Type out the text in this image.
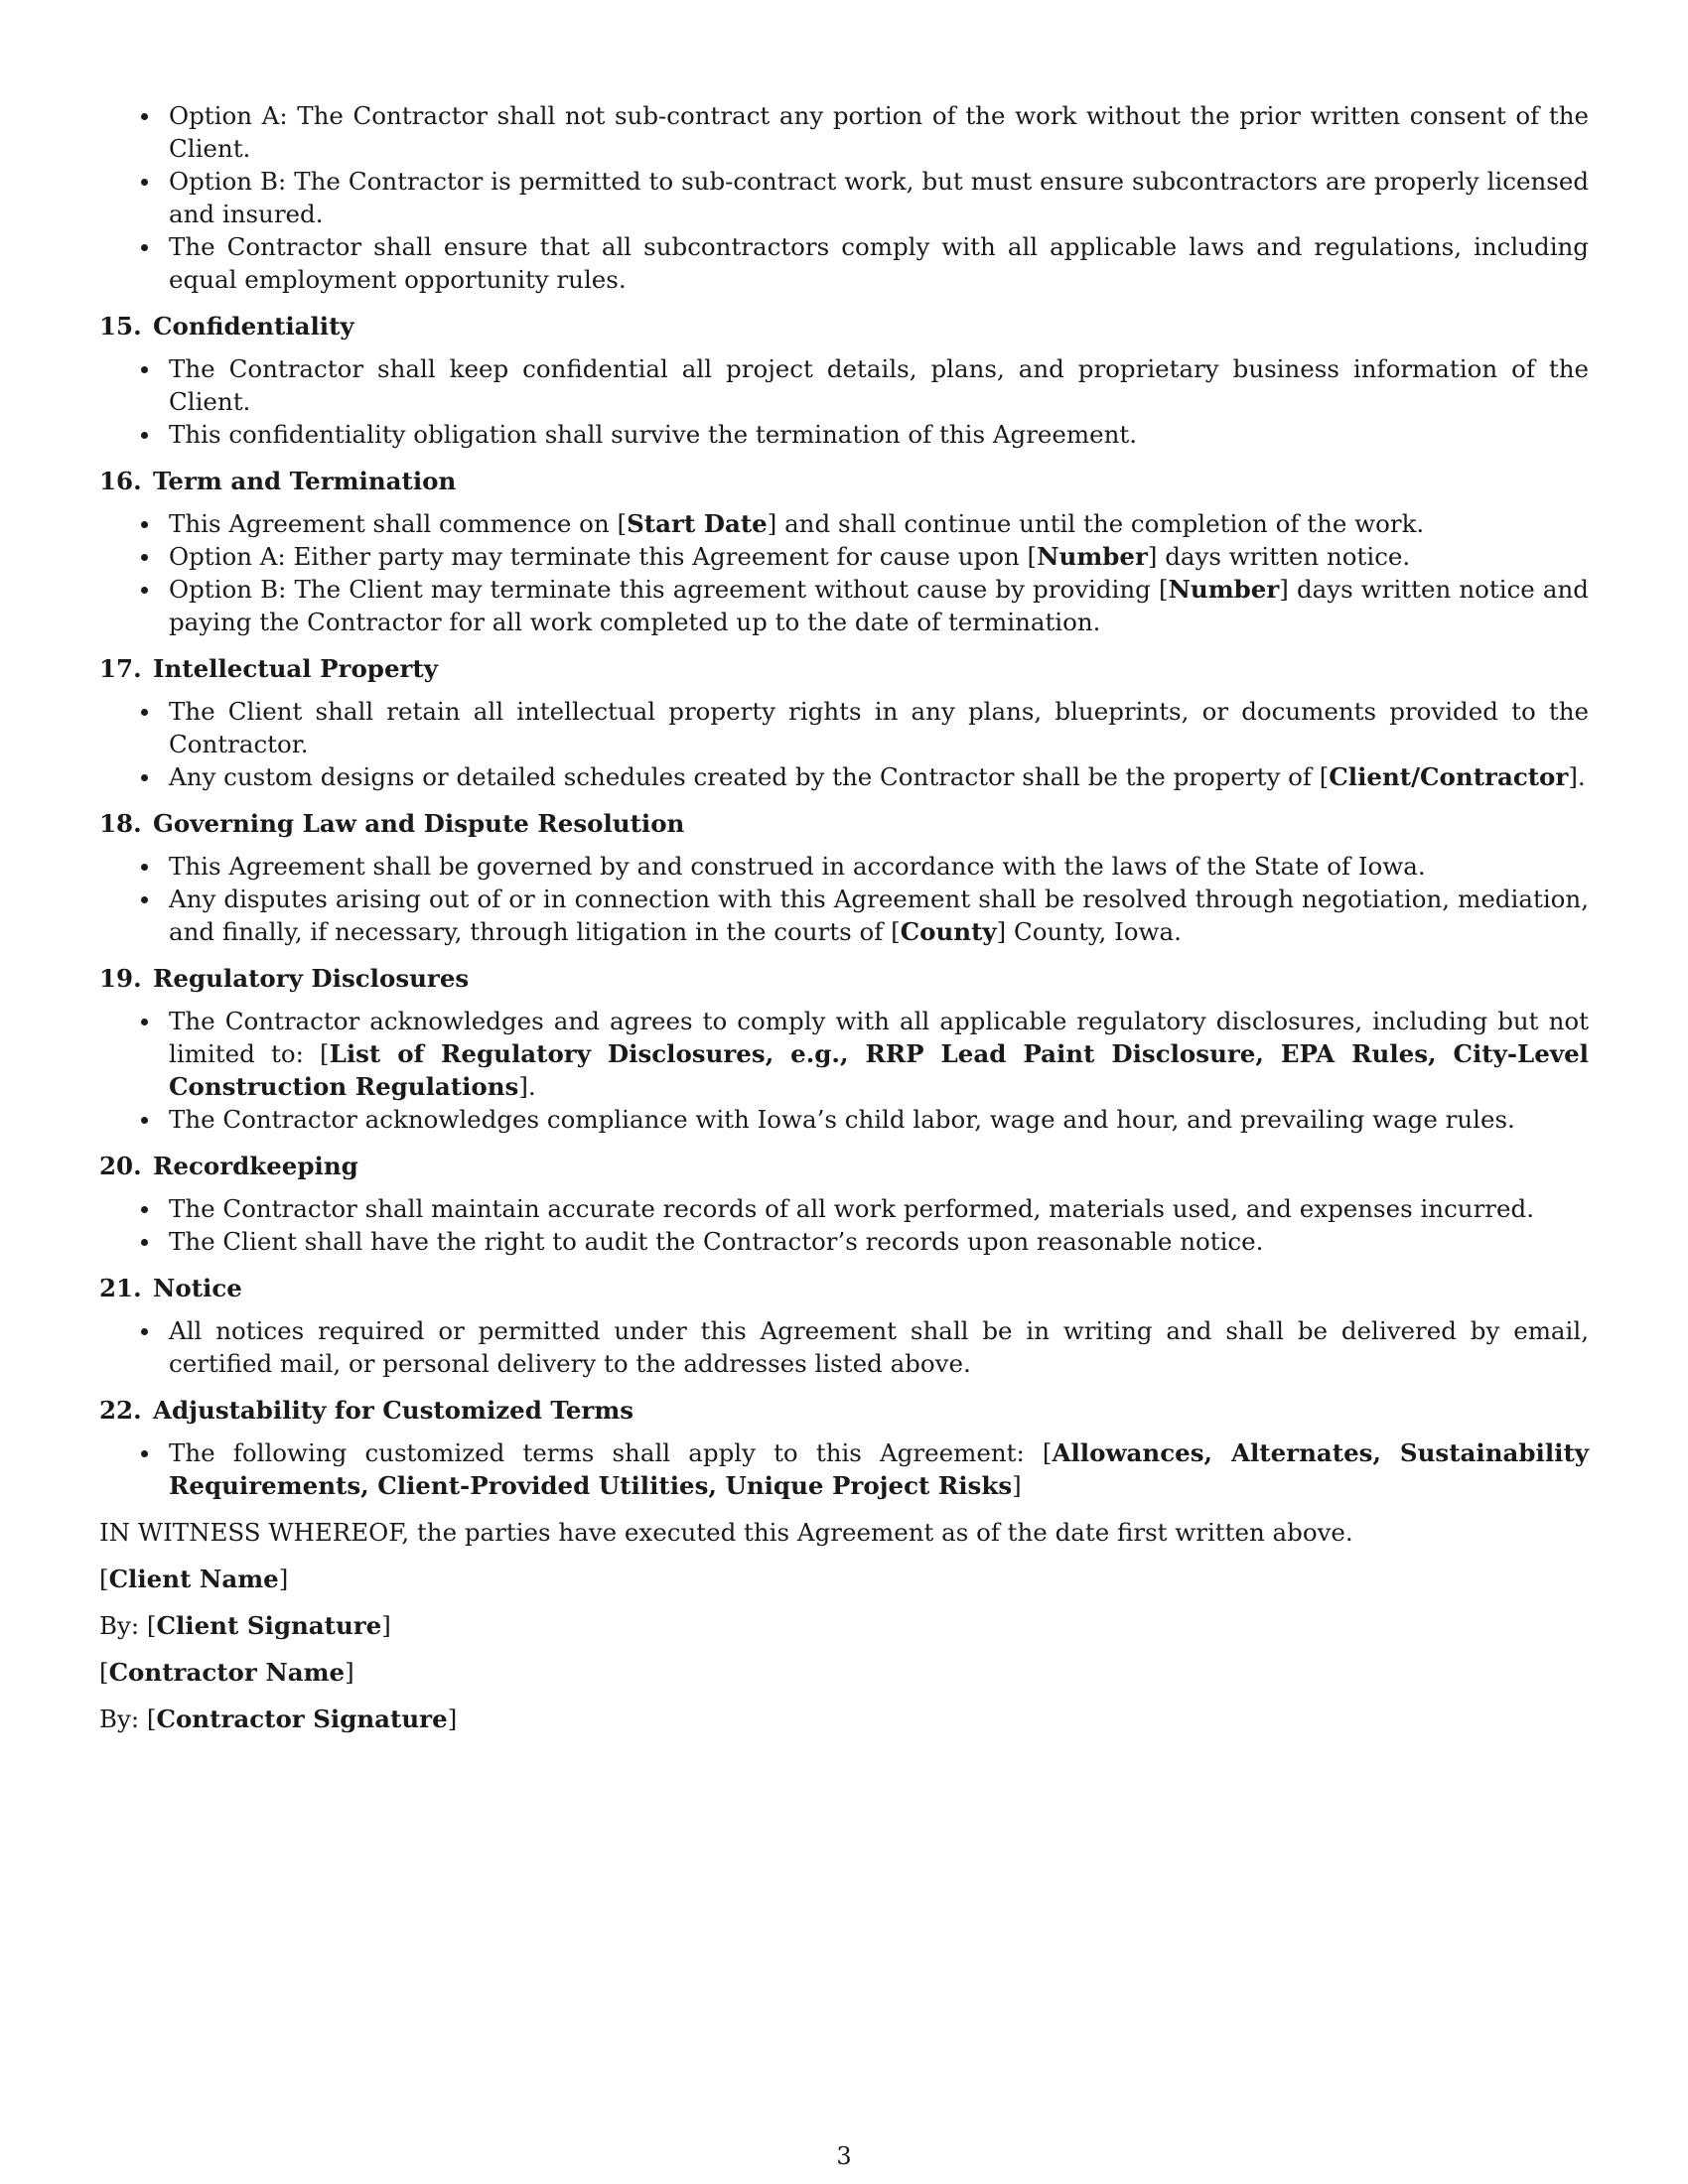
Option A: The Contractor shall not sub-contract any portion of the work without the prior written consent of the Client.
Option B: The Contractor is permitted to sub-contract work, but must ensure subcontractors are properly licensed and insured.
The Contractor shall ensure that all subcontractors comply with all applicable laws and regulations, including equal employment opportunity rules.
15. Confidentiality
The Contractor shall keep confidential all project details, plans, and proprietary business information of the Client.
This confidentiality obligation shall survive the termination of this Agreement.
16. Term and Termination
This Agreement shall commence on [Start Date] and shall continue until the completion of the work.
Option A: Either party may terminate this Agreement for cause upon [Number] days written notice.
Option B: The Client may terminate this agreement without cause by providing [Number] days written notice and paying the Contractor for all work completed up to the date of termination.
17. Intellectual Property
The Client shall retain all intellectual property rights in any plans, blueprints, or documents provided to the Contractor.
Any custom designs or detailed schedules created by the Contractor shall be the property of [Client/Contractor].
18. Governing Law and Dispute Resolution
This Agreement shall be governed by and construed in accordance with the laws of the State of Iowa.
Any disputes arising out of or in connection with this Agreement shall be resolved through negotiation, mediation, and finally, if necessary, through litigation in the courts of [County] County, Iowa.
19. Regulatory Disclosures
The Contractor acknowledges and agrees to comply with all applicable regulatory disclosures, including but not limited to: [List of Regulatory Disclosures, e.g., RRP Lead Paint Disclosure, EPA Rules, City-Level Construction Regulations].
The Contractor acknowledges compliance with Iowa’s child labor, wage and hour, and prevailing wage rules.
20. Recordkeeping
The Contractor shall maintain accurate records of all work performed, materials used, and expenses incurred.
The Client shall have the right to audit the Contractor’s records upon reasonable notice.
21. Notice
All notices required or permitted under this Agreement shall be in writing and shall be delivered by email, certified mail, or personal delivery to the addresses listed above.
22. Adjustability for Customized Terms
The following customized terms shall apply to this Agreement: [Allowances, Alternates, Sustainability Requirements, Client-Provided Utilities, Unique Project Risks]

IN WITNESS WHEREOF, the parties have executed this Agreement as of the date first written above.

[Client Name]

By: [Client Signature]

[Contractor Name]

By: [Contractor Signature]

3
